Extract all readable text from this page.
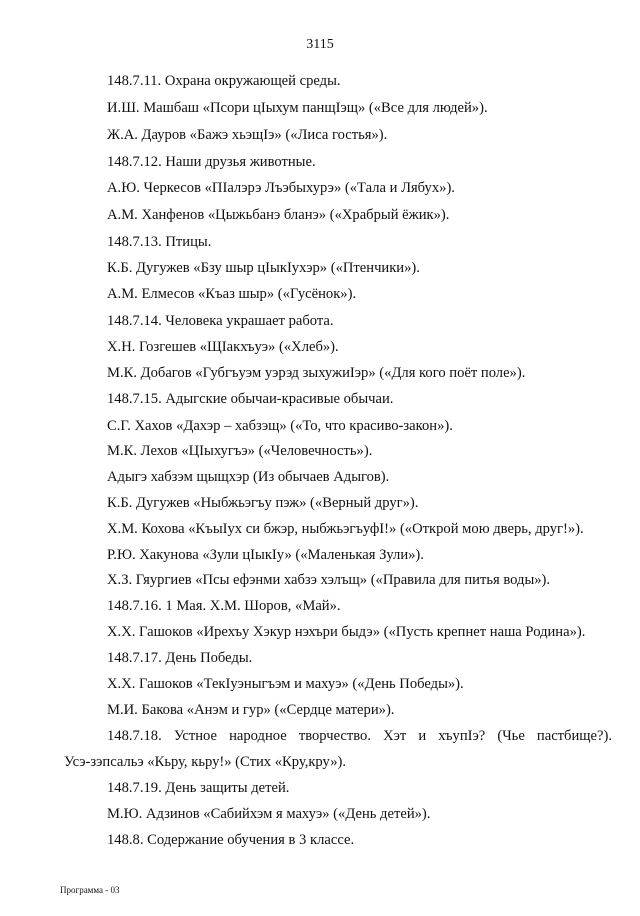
3115
148.7.11. Охрана окружающей среды.
И.Ш. Машбаш «Псори цIыхум панщIэщ» («Все для людей»).
Ж.А. Дауров «Бажэ хьэщIэ» («Лиса гостья»).
148.7.12. Наши друзья животные.
А.Ю. Черкесов «ПIалэрэ Лъэбыхурэ» («Тала и Лябух»).
А.М. Ханфенов «Цыжьбанэ бланэ» («Храбрый ёжик»).
148.7.13. Птицы.
К.Б. Дугужев «Бзу шыр цIыкIухэр» («Птенчики»).
А.М. Елмесов «Къаз шыр» («Гусёнок»).
148.7.14. Человека украшает работа.
Х.Н. Гозгешев «ЩIакхъуэ» («Хлеб»).
М.К. Добагов «Губгъуэм уэрэд зыхужиIэр» («Для кого поёт поле»).
148.7.15. Адыгские обычаи-красивые обычаи.
С.Г. Хахов «Дахэр – хабзэщ» («То, что красиво-закон»).
М.К. Лехов «ЦIыхугъэ» («Человечность»).
Адыгэ хабзэм щыщхэр (Из обычаев Адыгов).
К.Б. Дугужев «Ныбжьэгъу пэж» («Верный друг»).
Х.М. Кохова «КъыIух си бжэр, ныбжьэгъуфI!» («Открой мою дверь, друг!»).
Р.Ю. Хакунова «Зули цIыкIу» («Маленькая Зули»).
Х.З. Гяургиев «Псы ефэнми хабзэ хэлъщ» («Правила для питья воды»).
148.7.16. 1 Мая. Х.М. Шоров, «Май».
Х.Х. Гашоков «Ирехъу Хэкур нэхъри быдэ» («Пусть крепнет наша Родина»).
148.7.17. День Победы.
Х.Х. Гашоков «ТекIуэныгъэм и махуэ» («День Победы»).
М.И. Бакова «Анэм и гур» («Сердце матери»).
148.7.18. Устное народное творчество. Хэт и хъупIэ? (Чье пастбище?).
Усэ-зэпсальэ «Кьру, кьру!» (Стих «Кру,кру»).
148.7.19. День защиты детей.
М.Ю. Адзинов «Сабийхэм я махуэ» («День детей»).
148.8. Содержание обучения в 3 классе.
Программа - 03
